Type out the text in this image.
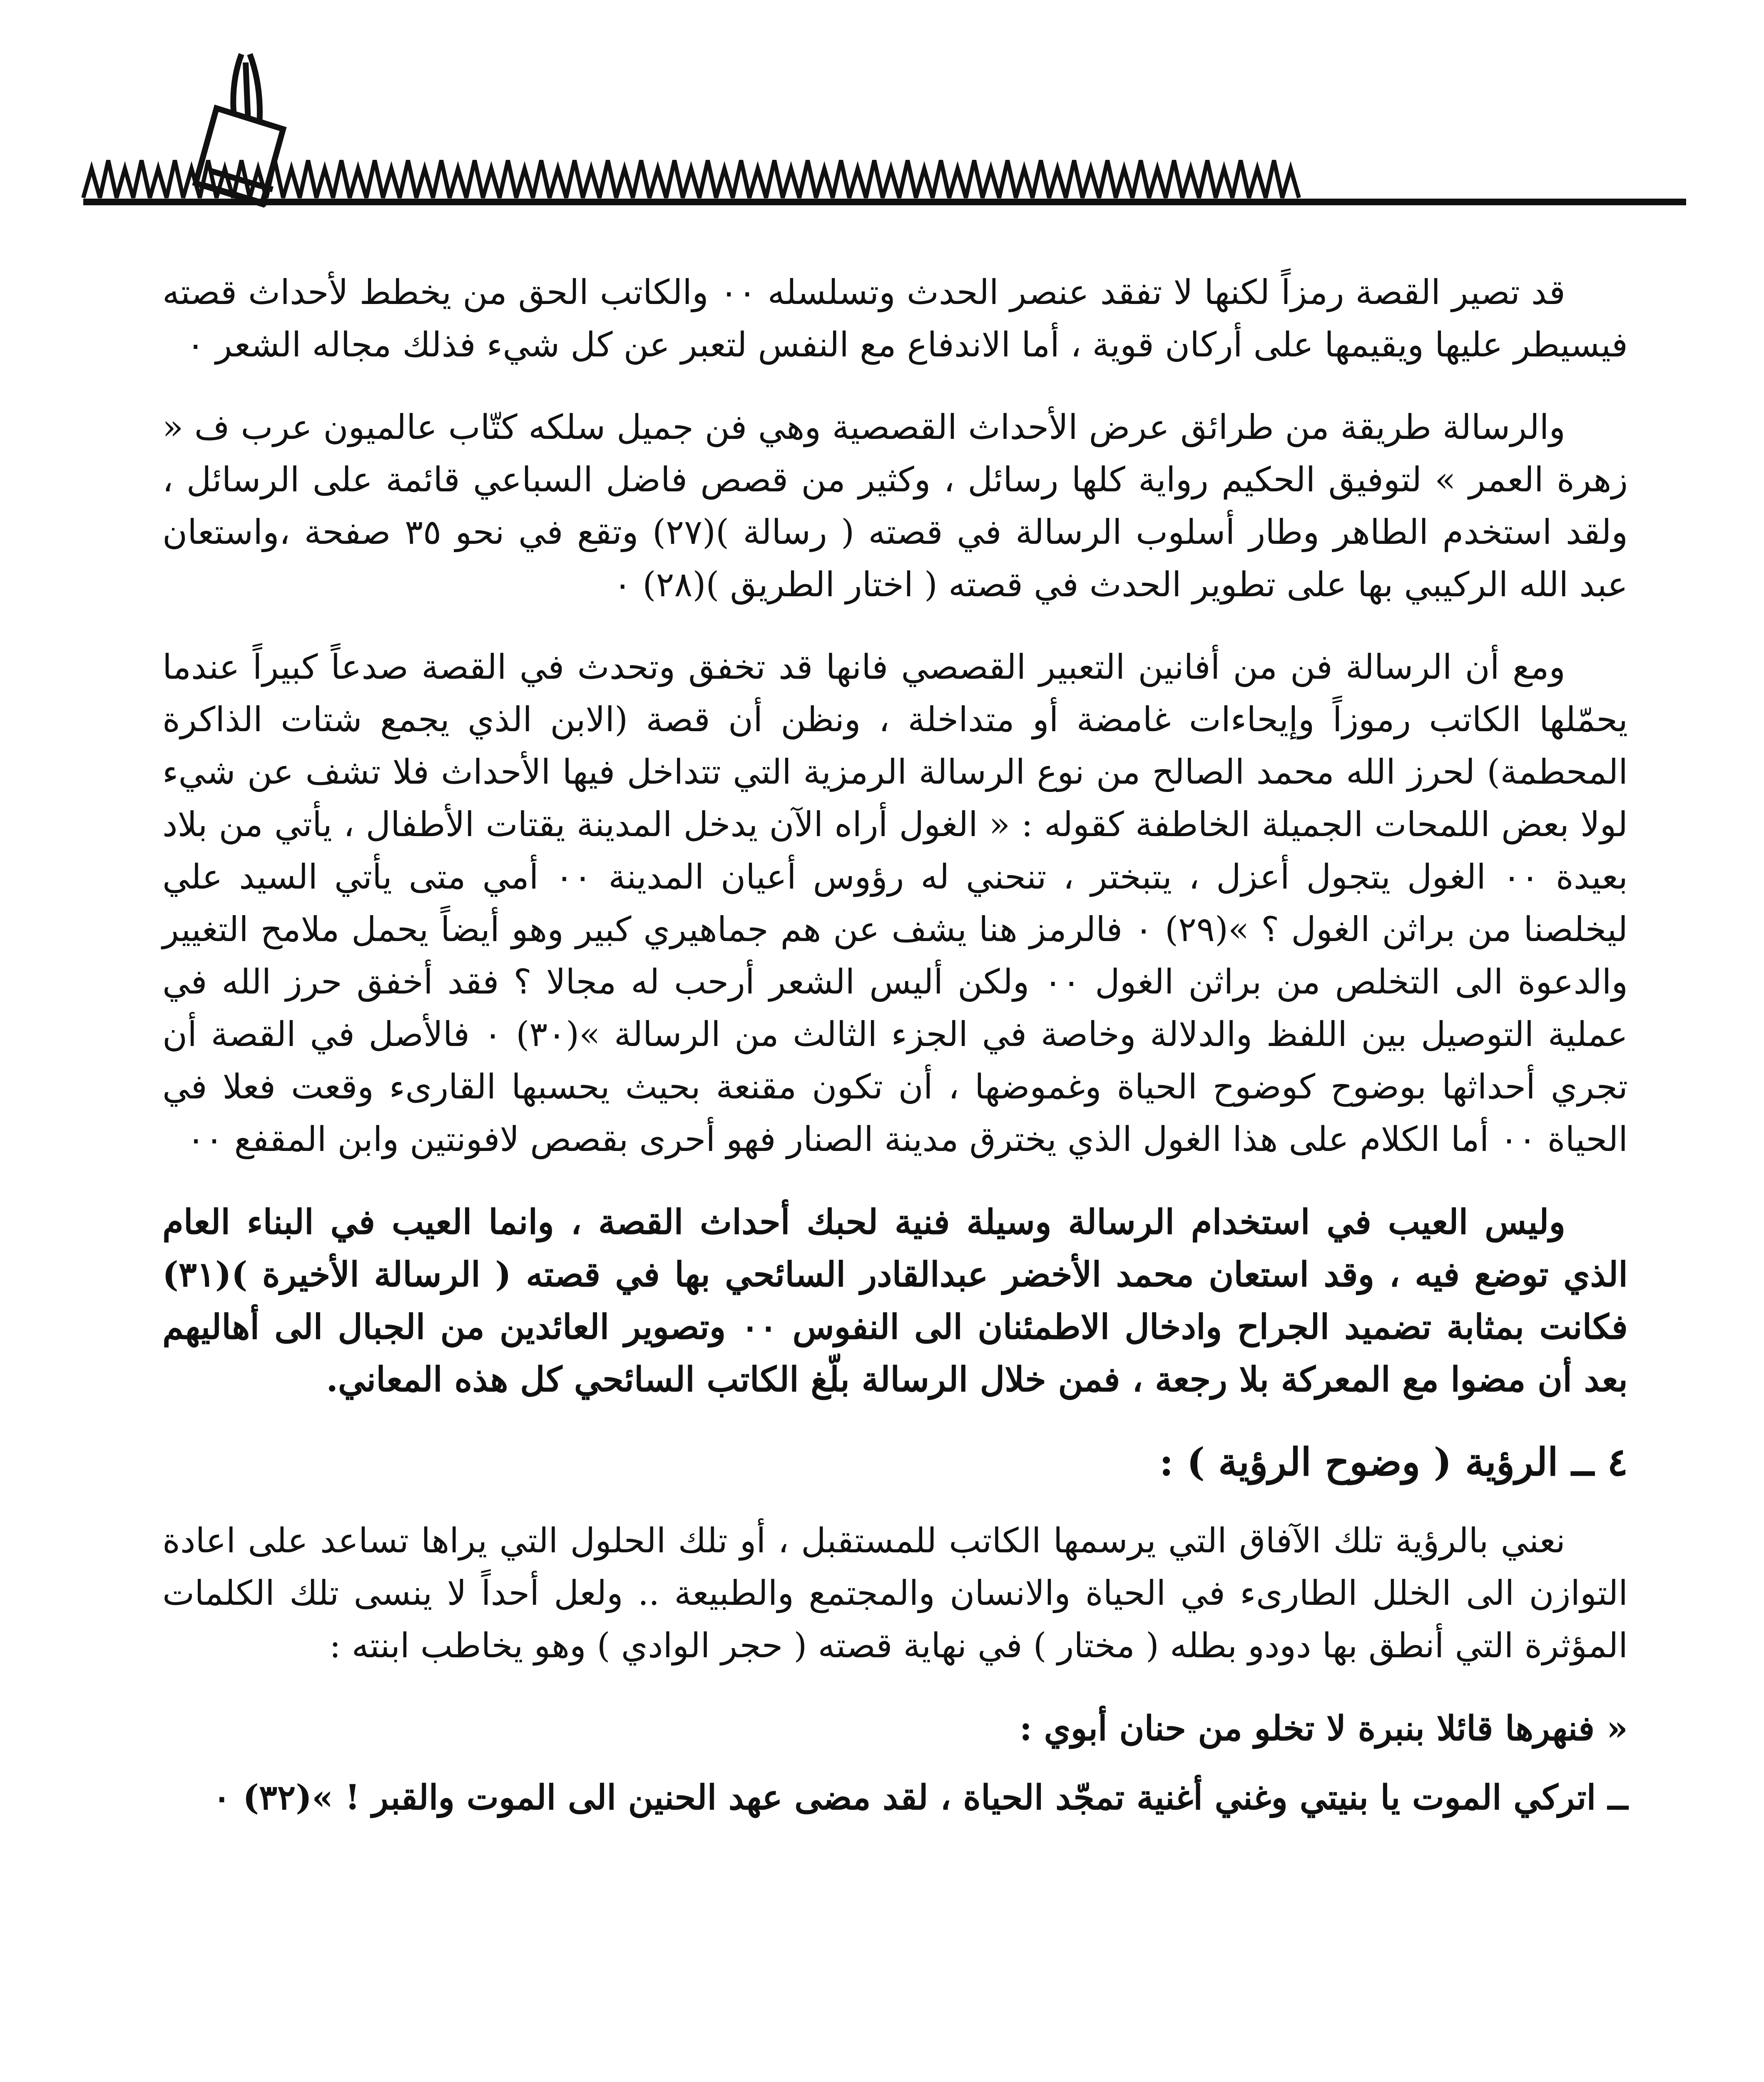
قد تصير القصة رمزاً لكنها لا تفقد عنصر الحدث وتسلسله ٠٠ والكاتب الحق من يخطط لأحداث قصته فيسيطر عليها ويقيمها على أركان قوية ، أما الاندفاع مع النفس لتعبر عن كل شيء فذلك مجاله الشعر ٠

والرسالة طريقة من طرائق عرض الأحداث القصصية وهي فن جميل سلكه كتّاب عالميون عرب ف « زهرة العمر » لتوفيق الحكيم رواية كلها رسائل ، وكثير من قصص فاضل السباعي قائمة على الرسائل ، ولقد استخدم الطاهر وطار أسلوب الرسالة في قصته ( رسالة )(٢٧) وتقع في نحو ٣٥ صفحة ،واستعان عبد الله الركيبي بها على تطوير الحدث في قصته ( اختار الطريق )(٢٨) ٠

ومع أن الرسالة فن من أفانين التعبير القصصي فانها قد تخفق وتحدث في القصة صدعاً كبيراً عندما يحمّلها الكاتب رموزاً وإيحاءات غامضة أو متداخلة ، ونظن أن قصة (الابن الذي يجمع شتات الذاكرة المحطمة) لحرز الله محمد الصالح من نوع الرسالة الرمزية التي تتداخل فيها الأحداث فلا تشف عن شيء لولا بعض اللمحات الجميلة الخاطفة كقوله : « الغول أراه الآن يدخل المدينة يقتات الأطفال ، يأتي من بلاد بعيدة ٠٠ الغول يتجول أعزل ، يتبختر ، تنحني له رؤوس أعيان المدينة ٠٠ أمي متى يأتي السيد علي ليخلصنا من براثن الغول ؟ »(٢٩) ٠ فالرمز هنا يشف عن هم جماهيري كبير وهو أيضاً يحمل ملامح التغيير والدعوة الى التخلص من براثن الغول ٠٠ ولكن أليس الشعر أرحب له مجالا ؟ فقد أخفق حرز الله في عملية التوصيل بين اللفظ والدلالة وخاصة في الجزء الثالث من الرسالة »(٣٠) ٠ فالأصل في القصة أن تجري أحداثها بوضوح كوضوح الحياة وغموضها ، أن تكون مقنعة بحيث يحسبها القارىء وقعت فعلا في الحياة ٠٠ أما الكلام على هذا الغول الذي يخترق مدينة الصنار فهو أحرى بقصص لافونتين وابن المقفع ٠٠

وليس العيب في استخدام الرسالة وسيلة فنية لحبك أحداث القصة ، وانما العيب في البناء العام الذي توضع فيه ، وقد استعان محمد الأخضر عبدالقادر السائحي بها في قصته ( الرسالة الأخيرة )(٣١) فكانت بمثابة تضميد الجراح وادخال الاطمئنان الى النفوس ٠٠ وتصوير العائدين من الجبال الى أهاليهم بعد أن مضوا مع المعركة بلا رجعة ، فمن خلال الرسالة بلّغ الكاتب السائحي كل هذه المعاني.

٤ ــ الرؤية ( وضوح الرؤية ) :

نعني بالرؤية تلك الآفاق التي يرسمها الكاتب للمستقبل ، أو تلك الحلول التي يراها تساعد على اعادة التوازن الى الخلل الطارىء في الحياة والانسان والمجتمع والطبيعة .. ولعل أحداً لا ينسى تلك الكلمات المؤثرة التي أنطق بها دودو بطله ( مختار ) في نهاية قصته ( حجر الوادي ) وهو يخاطب ابنته :

« فنهرها قائلا بنبرة لا تخلو من حنان أبوي :

ــ اتركي الموت يا بنيتي وغني أغنية تمجّد الحياة ، لقد مضى عهد الحنين الى الموت والقبر ! »(٣٢) ٠
